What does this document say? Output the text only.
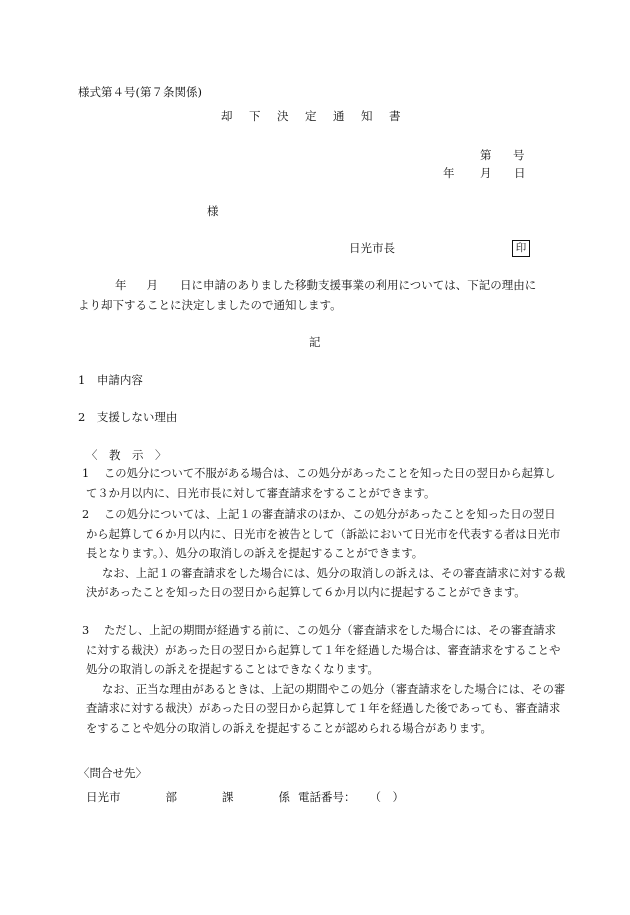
様式第４号(第７条関係)
却 下 決 定 通 知 書
第 号
年 月 日
様
日光市長	印
年 月 日に申請のありました移動支援事業の利用については、下記の理由に
より却下することに決定しましたので通知します。
記
1　申請内容
2　支援しない理由
〈　教　示　〉
1	この処分について不服がある場合は、この処分があったことを知った日の翌日から起算して３か月以内に、日光市長に対して審査請求をすることができます。

2	この処分については、上記１の審査請求のほか、この処分があったことを知った日の翌日から起算して６か月以内に、日光市を被告として（訴訟において日光市を代表する者は日光市長となります。）、処分の取消しの訴えを提起することができます。

なお、上記１の審査請求をした場合には、処分の取消しの訴えは、その審査請求に対する裁決があったことを知った日の翌日から起算して６か月以内に提起することができます。

3	ただし、上記の期間が経過する前に、この処分（審査請求をした場合には、その審査請求に対する裁決）があった日の翌日から起算して１年を経過した場合は、審査請求をすることや処分の取消しの訴えを提起することはできなくなります。

なお、正当な理由があるときは、上記の期間やこの処分（審査請求をした場合には、その審査請求に対する裁決）があった日の翌日から起算して１年を経過した後であっても、審査請求をすることや処分の取消しの訴えを提起することが認められる場合があります。

〈問合せ先〉
日光市	部	課	係 電話番号： （　）
